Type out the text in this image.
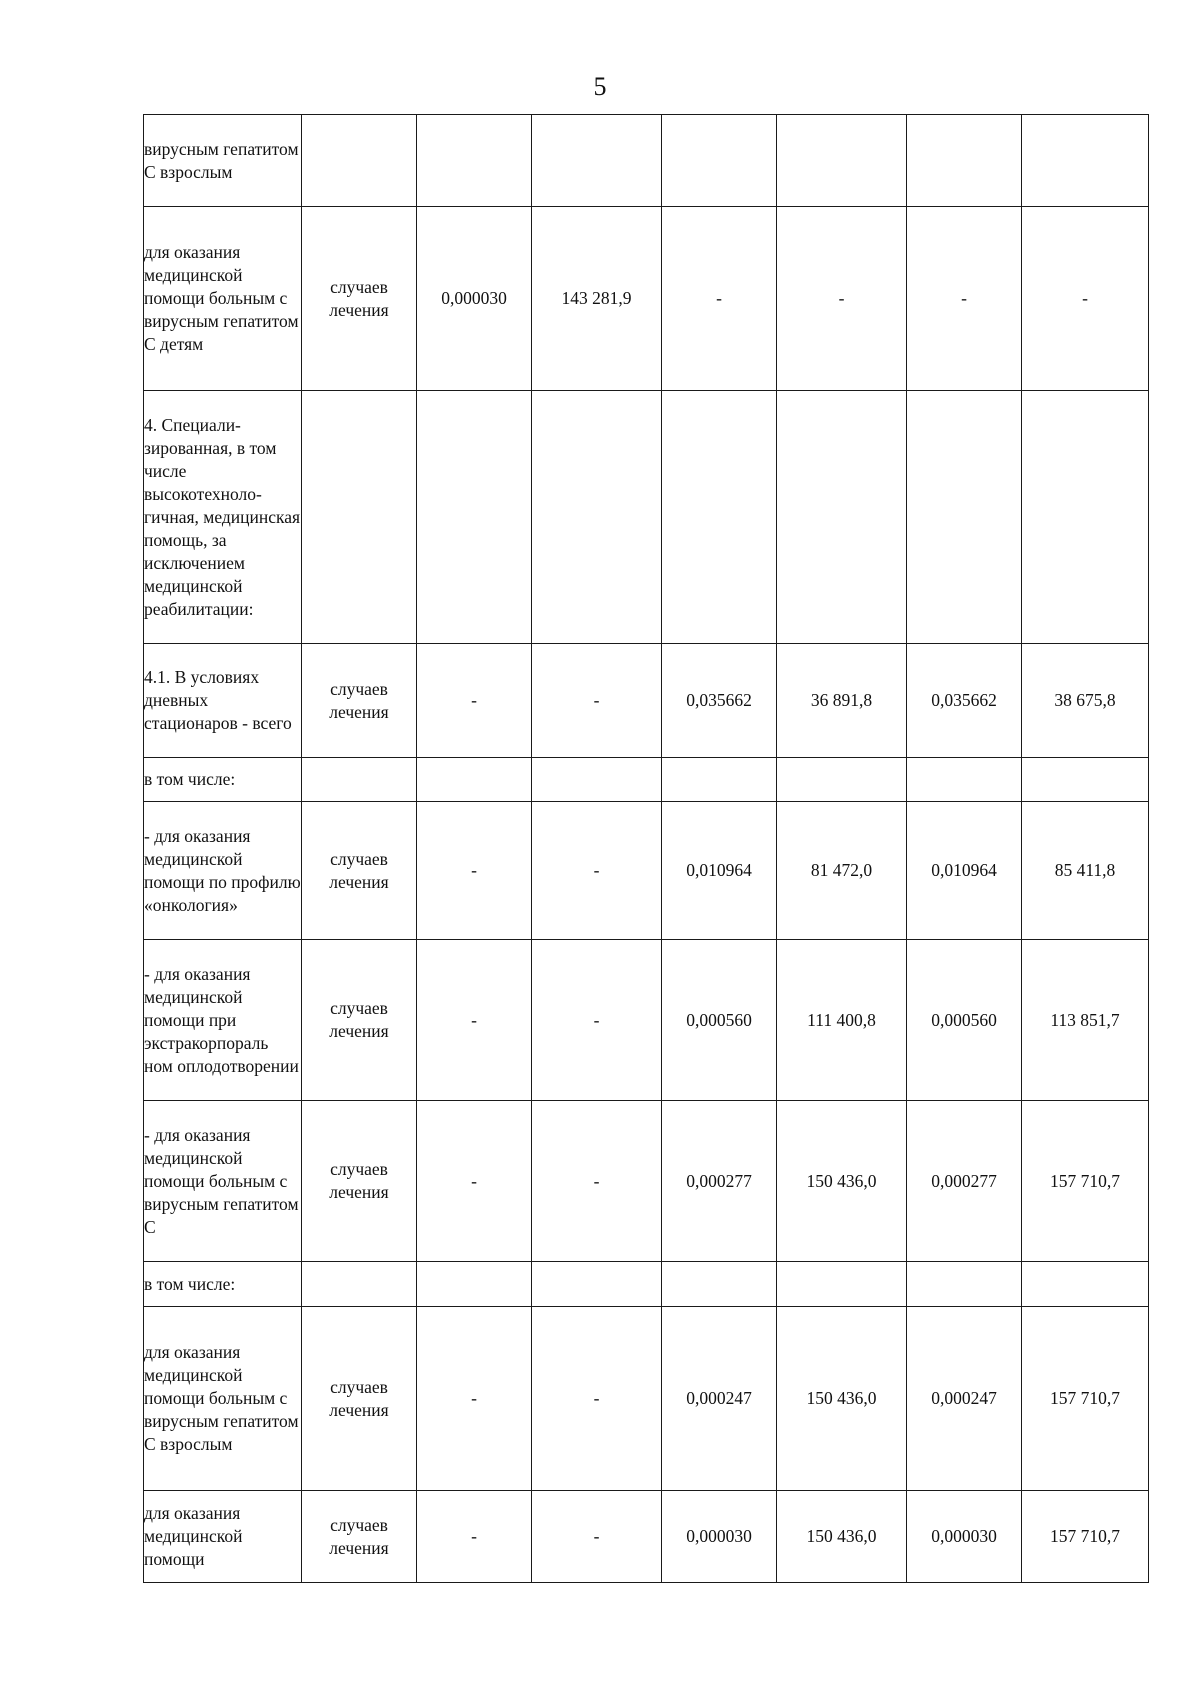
5
вирусным гепатитом С взрослым							
для оказания медицинской помощи больным с вирусным гепатитом С детям	случаев лечения	0,000030	143 281,9	-	-	-	-
4. Специали-зированная, в том числе высокотехноло-гичная, медицинская помощь, за исключением медицинской реабилитации:							
4.1. В условиях дневных стационаров - всего	случаев лечения	-	-	0,035662	36 891,8	0,035662	38 675,8
в том числе:							
- для оказания медицинской помощи по профилю «онкология»	случаев лечения	-	-	0,010964	81 472,0	0,010964	85 411,8
- для оказания медицинской помощи при экстракорпораль ном оплодотворении	случаев лечения	-	-	0,000560	111 400,8	0,000560	113 851,7
- для оказания медицинской помощи больным с вирусным гепатитом С	случаев лечения	-	-	0,000277	150 436,0	0,000277	157 710,7
в том числе:							
для оказания медицинской помощи больным с вирусным гепатитом С взрослым	случаев лечения	-	-	0,000247	150 436,0	0,000247	157 710,7
для оказания медицинской помощи	случаев лечения	-	-	0,000030	150 436,0	0,000030	157 710,7
